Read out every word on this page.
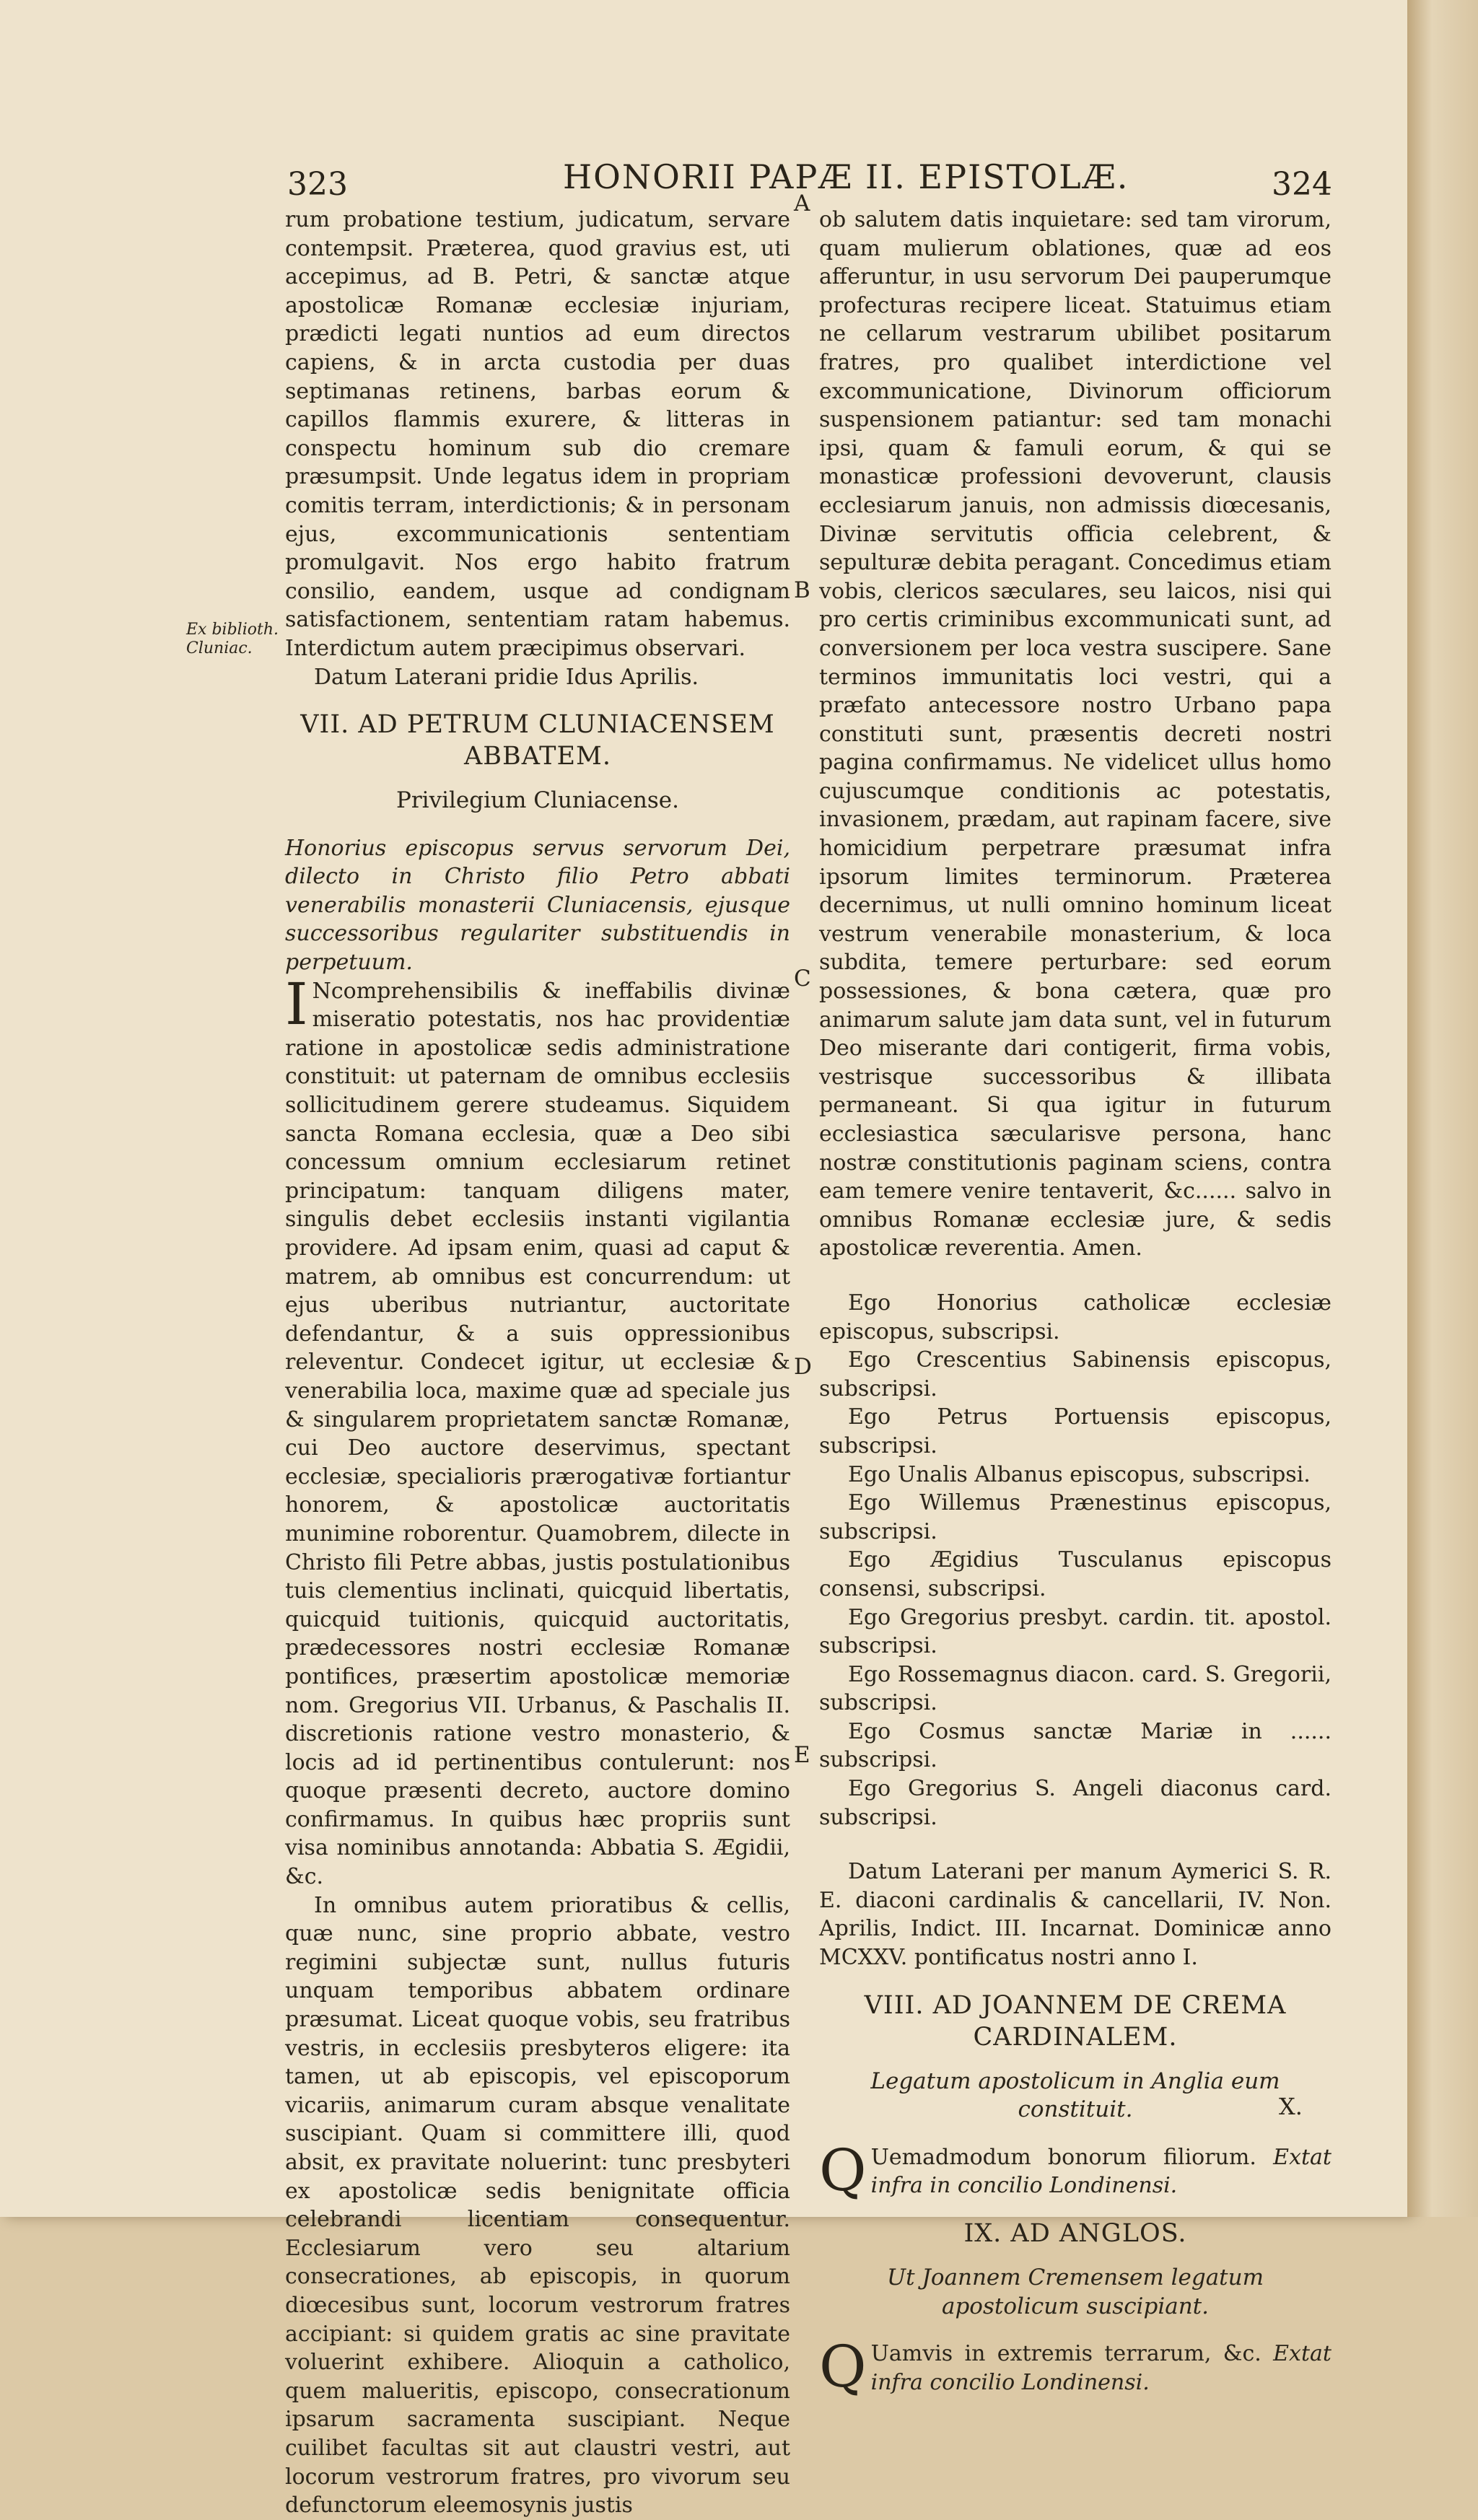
323	HONORII PAPÆ II. EPISTOLÆ.	324
Ex biblioth.
Cluniac.
A
B
C
D
E

rum probatione testium, judicatum, servare contempsit. Præterea, quod gravius est, uti accepimus, ad B. Petri, & sanctæ atque apostolicæ Romanæ ecclesiæ injuriam, prædicti legati nuntios ad eum directos capiens, & in arcta custodia per duas septimanas retinens, barbas eorum & capillos flammis exurere, & litteras in conspectu hominum sub dio cremare præsumpsit. Unde legatus idem in propriam comitis terram, interdictionis; & in personam ejus, excommunicationis sententiam promulgavit. Nos ergo habito fratrum consilio, eandem, usque ad condignam satisfactionem, sententiam ratam habemus. Interdictum autem præcipimus observari.

Datum Laterani pridie Idus Aprilis.

VII. AD PETRUM CLUNIACENSEM ABBATEM.
Privilegium Cluniacense.

Honorius episcopus servus servorum Dei, dilecto in Christo filio Petro abbati venerabilis monasterii Cluniacensis, ejusque successoribus regulariter substituendis in perpetuum.

I Ncomprehensibilis & ineffabilis divinæ miseratio potestatis, nos hac providentiæ ratione in apostolicæ sedis administratione constituit: ut paternam de omnibus ecclesiis sollicitudinem gerere studeamus. Siquidem sancta Romana ecclesia, quæ a Deo sibi concessum omnium ecclesiarum retinet principatum: tanquam diligens mater, singulis debet ecclesiis instanti vigilantia providere. Ad ipsam enim, quasi ad caput & matrem, ab omnibus est concurrendum: ut ejus uberibus nutriantur, auctoritate defendantur, & a suis oppressionibus releventur. Condecet igitur, ut ecclesiæ & venerabilia loca, maxime quæ ad speciale jus & singularem proprietatem sanctæ Romanæ, cui Deo auctore deservimus, spectant ecclesiæ, specialioris prærogativæ fortiantur honorem, & apostolicæ auctoritatis munimine roborentur. Quamobrem, dilecte in Christo fili Petre abbas, justis postulationibus tuis clementius inclinati, quicquid libertatis, quicquid tuitionis, quicquid auctoritatis, prædecessores nostri ecclesiæ Romanæ pontifices, præsertim apostolicæ memoriæ nom. Gregorius VII. Urbanus, & Paschalis II. discretionis ratione vestro monasterio, & locis ad id pertinentibus contulerunt: nos quoque præsenti decreto, auctore domino confirmamus. In quibus hæc propriis sunt visa nominibus annotanda: Abbatia S. Ægidii, &c.

In omnibus autem prioratibus & cellis, quæ nunc, sine proprio abbate, vestro regimini subjectæ sunt, nullus futuris unquam temporibus abbatem ordinare præsumat. Liceat quoque vobis, seu fratribus vestris, in ecclesiis presbyteros eligere: ita tamen, ut ab episcopis, vel episcoporum vicariis, animarum curam absque venalitate suscipiant. Quam si committere illi, quod absit, ex pravitate noluerint: tunc presbyteri ex apostolicæ sedis benignitate officia celebrandi licentiam consequentur. Ecclesiarum vero seu altarium consecrationes, ab episcopis, in quorum diœcesibus sunt, locorum vestrorum fratres accipiant: si quidem gratis ac sine pravitate voluerint exhibere. Alioquin a catholico, quem malueritis, episcopo, consecrationum ipsarum sacramenta suscipiant. Neque cuilibet facultas sit aut claustri vestri, aut locorum vestrorum fratres, pro vivorum seu defunctorum eleemosynis justis

ob salutem datis inquietare: sed tam virorum, quam mulierum oblationes, quæ ad eos afferuntur, in usu servorum Dei pauperumque profecturas recipere liceat. Statuimus etiam ne cellarum vestrarum ubilibet positarum fratres, pro qualibet interdictione vel excommunicatione, Divinorum officiorum suspensionem patiantur: sed tam monachi ipsi, quam & famuli eorum, & qui se monasticæ professioni devoverunt, clausis ecclesiarum januis, non admissis diœcesanis, Divinæ servitutis officia celebrent, & sepulturæ debita peragant. Concedimus etiam vobis, clericos sæculares, seu laicos, nisi qui pro certis criminibus excommunicati sunt, ad conversionem per loca vestra suscipere. Sane terminos immunitatis loci vestri, qui a præfato antecessore nostro Urbano papa constituti sunt, præsentis decreti nostri pagina confirmamus. Ne videlicet ullus homo cujuscumque conditionis ac potestatis, invasionem, prædam, aut rapinam facere, sive homicidium perpetrare præsumat infra ipsorum limites terminorum. Præterea decernimus, ut nulli omnino hominum liceat vestrum venerabile monasterium, & loca subdita, temere perturbare: sed eorum possessiones, & bona cætera, quæ pro animarum salute jam data sunt, vel in futurum Deo miserante dari contigerit, firma vobis, vestrisque successoribus & illibata permaneant. Si qua igitur in futurum ecclesiastica sæcularisve persona, hanc nostræ constitutionis paginam sciens, contra eam temere venire tentaverit, &c...... salvo in omnibus Romanæ ecclesiæ jure, & sedis apostolicæ reverentia. Amen.

Ego Honorius catholicæ ecclesiæ episcopus, subscripsi.

Ego Crescentius Sabinensis episcopus, subscripsi.

Ego Petrus Portuensis episcopus, subscripsi.

Ego Unalis Albanus episcopus, subscripsi.

Ego Willemus Prænestinus episcopus, subscripsi.

Ego Ægidius Tusculanus episcopus consensi, subscripsi.

Ego Gregorius presbyt. cardin. tit. apostol. subscripsi.

Ego Rossemagnus diacon. card. S. Gregorii, subscripsi.

Ego Cosmus sanctæ Mariæ in ...... subscripsi.

Ego Gregorius S. Angeli diaconus card. subscripsi.

Datum Laterani per manum Aymerici S. R. E. diaconi cardinalis & cancellarii, IV. Non. Aprilis, Indict. III. Incarnat. Dominicæ anno MCXXV. pontificatus nostri anno I.

VIII. AD JOANNEM DE CREMA CARDINALEM.
Legatum apostolicum in Anglia eum constituit.

Q Uemadmodum bonorum filiorum. Extat infra in concilio Londinensi.

IX. AD ANGLOS.
Ut Joannem Cremensem legatum apostolicum suscipiant.

Q Uamvis in extremis terrarum, &c. Extat infra concilio Londinensi.

X.
